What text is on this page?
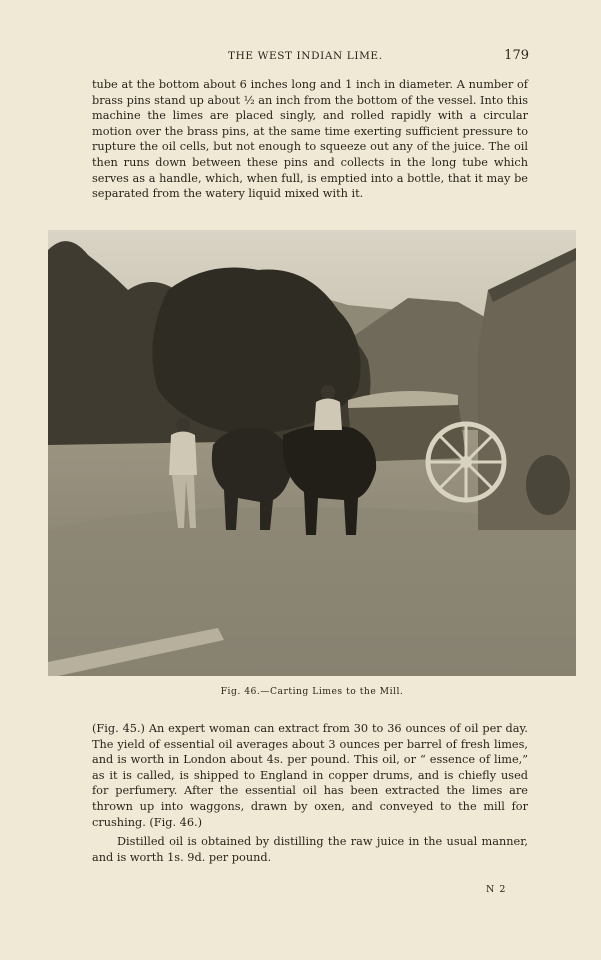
THE WEST INDIAN LIME.	179

tube at the bottom about 6 inches long and 1 inch in diameter. A number of brass pins stand up about ½ an inch from the bottom of the vessel. Into this machine the limes are placed singly, and rolled rapidly with a circular motion over the brass pins, at the same time exerting sufficient pressure to rupture the oil cells, but not enough to squeeze out any of the juice. The oil then runs down between these pins and collects in the long tube which serves as a handle, which, when full, is emptied into a bottle, that it may be separated from the watery liquid mixed with it.

Fig. 46.—Carting Limes to the Mill.

(Fig. 45.) An expert woman can extract from 30 to 36 ounces of oil per day. The yield of essential oil averages about 3 ounces per barrel of fresh limes, and is worth in London about 4s. per pound. This oil, or “ essence of lime,” as it is called, is shipped to England in copper drums, and is chiefly used for perfumery. After the essential oil has been extracted the limes are thrown up into waggons, drawn by oxen, and conveyed to the mill for crushing. (Fig. 46.)

Distilled oil is obtained by distilling the raw juice in the usual manner, and is worth 1s. 9d. per pound.

N 2
